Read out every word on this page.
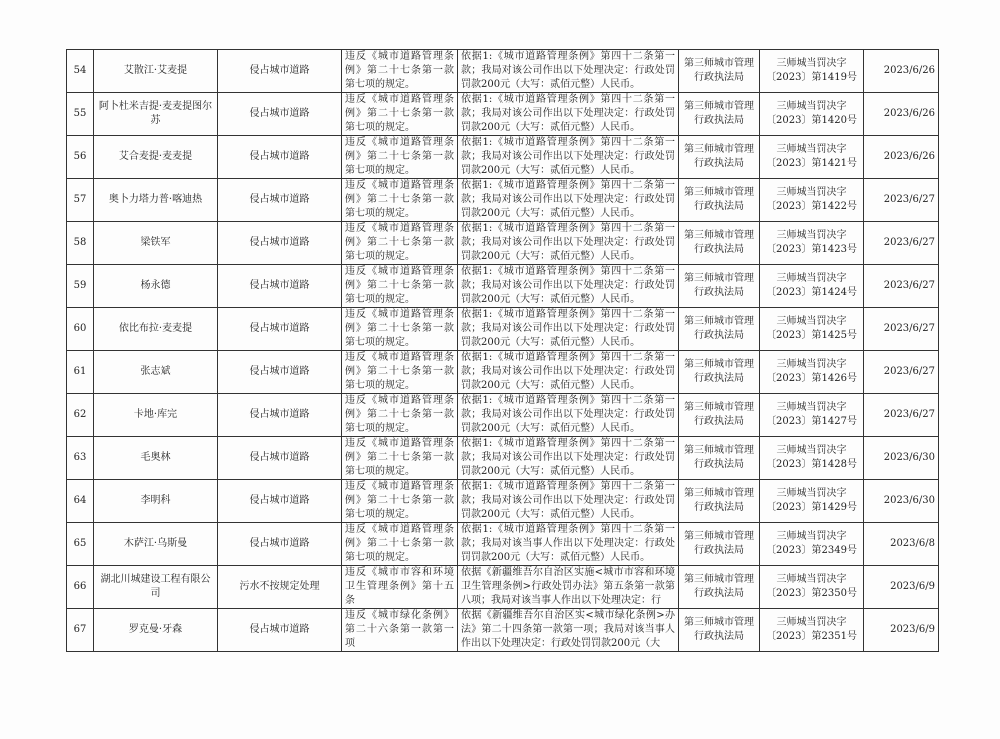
54	艾散江·艾麦提	侵占城市道路	违反《城市道路管理条例》第二十七条第一款第七项的规定。	依据1:《城市道路管理条例》第四十二条第一款；我局对该公司作出以下处理决定：行政处罚罚款200元（大写：贰佰元整）人民币。	第三师城市管理行政执法局	三师城当罚决字〔2023〕第1419号	2023/6/26

55	阿卜杜米吉提·麦麦提图尔苏	侵占城市道路	违反《城市道路管理条例》第二十七条第一款第七项的规定。	依据1:《城市道路管理条例》第四十二条第一款；我局对该公司作出以下处理决定：行政处罚罚款200元（大写：贰佰元整）人民币。	第三师城市管理行政执法局	三师城当罚决字〔2023〕第1420号	2023/6/26

56	艾合麦提·麦麦提	侵占城市道路	违反《城市道路管理条例》第二十七条第一款第七项的规定。	依据1:《城市道路管理条例》第四十二条第一款；我局对该公司作出以下处理决定：行政处罚罚款200元（大写：贰佰元整）人民币。	第三师城市管理行政执法局	三师城当罚决字〔2023〕第1421号	2023/6/26

57	奥卜力塔力普·喀迪热	侵占城市道路	违反《城市道路管理条例》第二十七条第一款第七项的规定。	依据1:《城市道路管理条例》第四十二条第一款；我局对该公司作出以下处理决定：行政处罚罚款200元（大写：贰佰元整）人民币。	第三师城市管理行政执法局	三师城当罚决字〔2023〕第1422号	2023/6/27

58	梁铁军	侵占城市道路	违反《城市道路管理条例》第二十七条第一款第七项的规定。	依据1:《城市道路管理条例》第四十二条第一款；我局对该公司作出以下处理决定：行政处罚罚款200元（大写：贰佰元整）人民币。	第三师城市管理行政执法局	三师城当罚决字〔2023〕第1423号	2023/6/27

59	杨永德	侵占城市道路	违反《城市道路管理条例》第二十七条第一款第七项的规定。	依据1:《城市道路管理条例》第四十二条第一款；我局对该公司作出以下处理决定：行政处罚罚款200元（大写：贰佰元整）人民币。	第三师城市管理行政执法局	三师城当罚决字〔2023〕第1424号	2023/6/27

60	依比布拉·麦麦提	侵占城市道路	违反《城市道路管理条例》第二十七条第一款第七项的规定。	依据1:《城市道路管理条例》第四十二条第一款；我局对该公司作出以下处理决定：行政处罚罚款200元（大写：贰佰元整）人民币。	第三师城市管理行政执法局	三师城当罚决字〔2023〕第1425号	2023/6/27

61	张志斌	侵占城市道路	违反《城市道路管理条例》第二十七条第一款第七项的规定。	依据1:《城市道路管理条例》第四十二条第一款；我局对该公司作出以下处理决定：行政处罚罚款200元（大写：贰佰元整）人民币。	第三师城市管理行政执法局	三师城当罚决字〔2023〕第1426号	2023/6/27

62	卡地·库完	侵占城市道路	违反《城市道路管理条例》第二十七条第一款第七项的规定。	依据1:《城市道路管理条例》第四十二条第一款；我局对该公司作出以下处理决定：行政处罚罚款200元（大写：贰佰元整）人民币。	第三师城市管理行政执法局	三师城当罚决字〔2023〕第1427号	2023/6/27

63	毛奥林	侵占城市道路	违反《城市道路管理条例》第二十七条第一款第七项的规定。	依据1:《城市道路管理条例》第四十二条第一款；我局对该公司作出以下处理决定：行政处罚罚款200元（大写：贰佰元整）人民币。	第三师城市管理行政执法局	三师城当罚决字〔2023〕第1428号	2023/6/30

64	李明科	侵占城市道路	违反《城市道路管理条例》第二十七条第一款第七项的规定。	依据1:《城市道路管理条例》第四十二条第一款；我局对该公司作出以下处理决定：行政处罚罚款200元（大写：贰佰元整）人民币。	第三师城市管理行政执法局	三师城当罚决字〔2023〕第1429号	2023/6/30

65	木萨江·乌斯曼	侵占城市道路	违反《城市道路管理条例》第二十七条第一款第七项的规定。	依据1:《城市道路管理条例》第四十二条第一款；我局对该当事人作出以下处理决定：行政处罚罚款200元（大写：贰佰元整）人民币。	第三师城市管理行政执法局	三师城当罚决字〔2023〕第2349号	2023/6/8

66	湖北川城建设工程有限公司	污水不按规定处理	违反《城市市容和环境卫生管理条例》第十五条	依据《新疆维吾尔自治区实施<城市市容和环境卫生管理条例>行政处罚办法》第五条第一款第八项；我局对该当事人作出以下处理决定：行	第三师城市管理行政执法局	三师城当罚决字〔2023〕第2350号	2023/6/9

67	罗克曼·牙森	侵占城市道路	违反《城市绿化条例》第二十六条第一款第一项	依据《新疆维吾尔自治区实<城市绿化条例>办法》第二十四条第一款第一项；我局对该当事人作出以下处理决定：行政处罚罚款200元（大	第三师城市管理行政执法局	三师城当罚决字〔2023〕第2351号	2023/6/9
